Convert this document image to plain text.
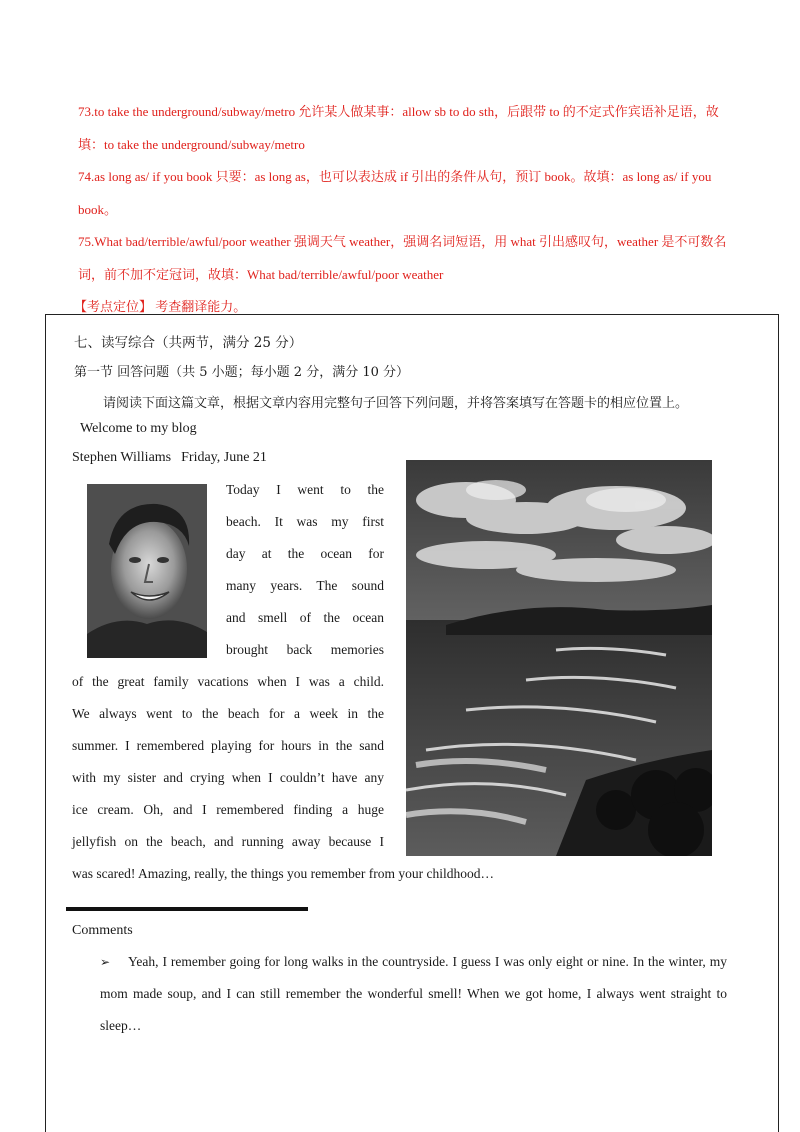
73.to take the underground/subway/metro 允许某人做某事：allow sb to do sth，后跟带 to 的不定式作宾语补足语，故填：to take the underground/subway/metro

74.as long as/ if you book 只要：as long as，也可以表达成 if 引出的条件从句，预订 book。故填：as long as/ if you book。

75.What bad/terrible/awful/poor weather 强调天气 weather，强调名词短语，用 what 引出感叹句，weather 是不可数名词，前不加不定冠词，故填：What bad/terrible/awful/poor weather

【考点定位】 考查翻译能力。
七、读写综合（共两节，满分 25 分）
第一节 回答问题（共 5 小题；每小题 2 分，满分 10 分）
请阅读下面这篇文章，根据文章内容用完整句子回答下列问题，并将答案填写在答题卡的相应位置上。
Welcome to my blog
Stephen Williams Friday, June 21
Today I went to the
beach. It was my first
day at the ocean for
many years. The sound
and smell of the ocean
brought back memories
of the great family vacations when I was a child.
We always went to the beach for a week in the
summer. I remembered playing for hours in the sand
with my sister and crying when I couldn’t have any
ice cream. Oh, and I remembered finding a huge
jellyfish on the beach, and running away because I
was scared! Amazing, really, the things you remember from your childhood…
Comments
➢	Yeah, I remember going for long walks in the countryside. I guess I was only eight or nine. In the winter, my mom made soup, and I can still remember the wonderful smell! When we got home, I always went straight to sleep…
